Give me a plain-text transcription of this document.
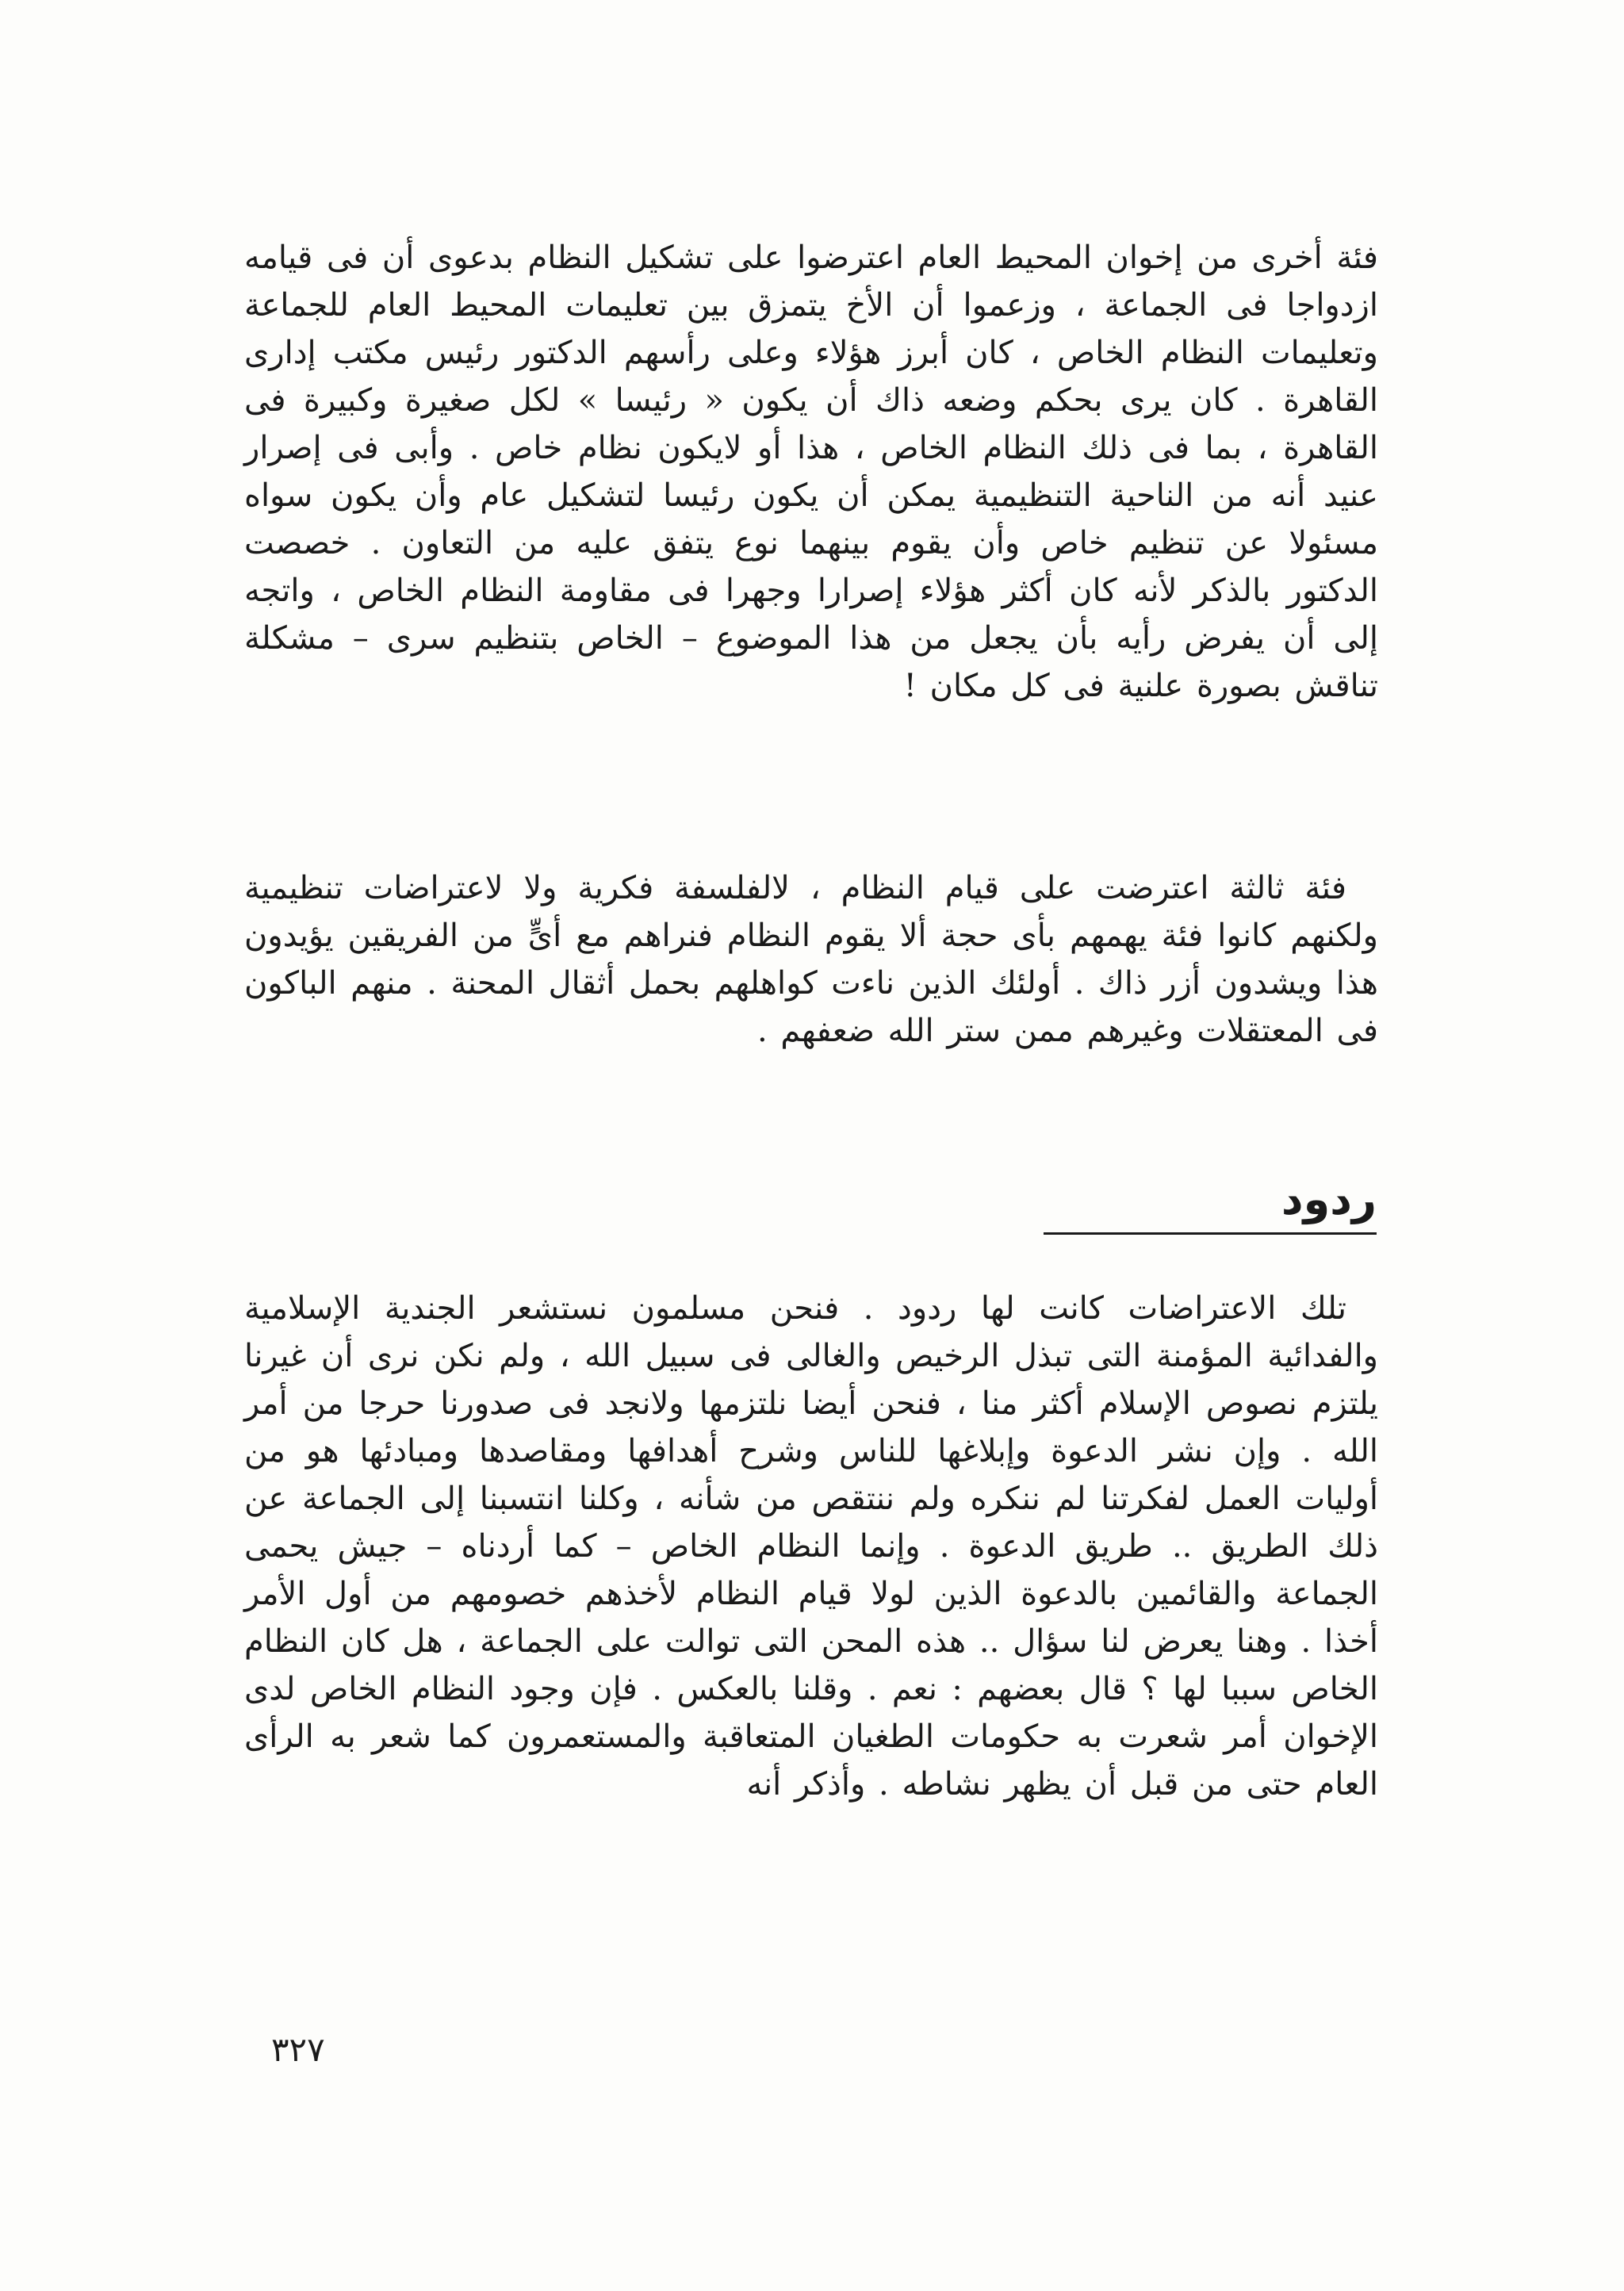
فئة أخرى من إخوان المحيط العام اعترضوا على تشكيل النظام بدعوى أن فى قيامه ازدواجا فى الجماعة ، وزعموا أن الأخ يتمزق بين تعليمات المحيط العام للجماعة وتعليمات النظام الخاص ، كان أبرز هؤلاء وعلى رأسهم الدكتور رئيس مكتب إدارى القاهرة . كان يرى بحكم وضعه ذاك أن يكون « رئيسا » لكل صغيرة وكبيرة فى القاهرة ، بما فى ذلك النظام الخاص ، هذا أو لايكون نظام خاص . وأبى فى إصرار عنيد أنه من الناحية التنظيمية يمكن أن يكون رئيسا لتشكيل عام وأن يكون سواه مسئولا عن تنظيم خاص وأن يقوم بينهما نوع يتفق عليه من التعاون . خصصت الدكتور بالذكر لأنه كان أكثر هؤلاء إصرارا وجهرا فى مقاومة النظام الخاص ، واتجه إلى أن يفرض رأيه بأن يجعل من هذا الموضوع – الخاص بتنظيم سرى – مشكلة تناقش بصورة علنية فى كل مكان !

فئة ثالثة اعترضت على قيام النظام ، لالفلسفة فكرية ولا لاعتراضات تنظيمية ولكنهم كانوا فئة يهمهم بأى حجة ألا يقوم النظام فنراهم مع أىٍّ من الفريقين يؤيدون هذا ويشدون أزر ذاك . أولئك الذين ناءت كواهلهم بحمل أثقال المحنة . منهم الباكون فى المعتقلات وغيرهم ممن ستر الله ضعفهم .

ردود

تلك الاعتراضات كانت لها ردود . فنحن مسلمون نستشعر الجندية الإسلامية والفدائية المؤمنة التى تبذل الرخيص والغالى فى سبيل الله ، ولم نكن نرى أن غيرنا يلتزم نصوص الإسلام أكثر منا ، فنحن أيضا نلتزمها ولانجد فى صدورنا حرجا من أمر الله . وإن نشر الدعوة وإبلاغها للناس وشرح أهدافها ومقاصدها ومبادئها هو من أوليات العمل لفكرتنا لم ننكره ولم ننتقص من شأنه ، وكلنا انتسبنا إلى الجماعة عن ذلك الطريق .. طريق الدعوة . وإنما النظام الخاص – كما أردناه – جيش يحمى الجماعة والقائمين بالدعوة الذين لولا قيام النظام لأخذهم خصومهم من أول الأمر أخذا . وهنا يعرض لنا سؤال .. هذه المحن التى توالت على الجماعة ، هل كان النظام الخاص سببا لها ؟ قال بعضهم : نعم . وقلنا بالعكس . فإن وجود النظام الخاص لدى الإخوان أمر شعرت به حكومات الطغيان المتعاقبة والمستعمرون كما شعر به الرأى العام حتى من قبل أن يظهر نشاطه . وأذكر أنه

٣٢٧
